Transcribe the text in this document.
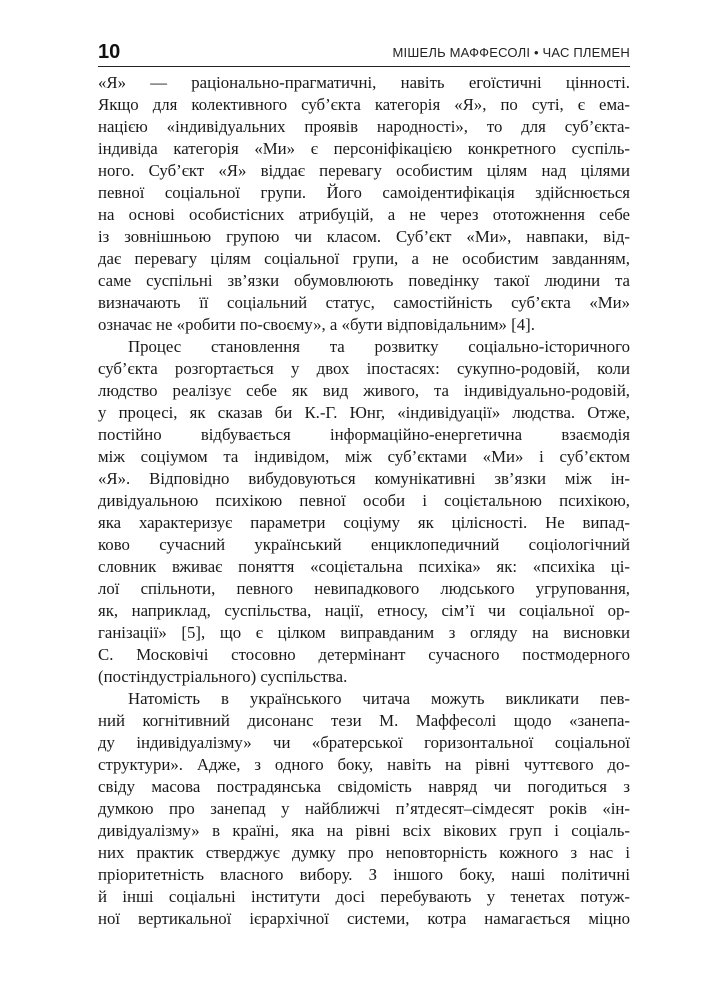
10	МІШЕЛЬ МАФФЕСОЛІ • ЧАС ПЛЕМЕН
«Я» — раціонально-прагматичні, навіть егоїстичні цінності.
Якщо для колективного суб’єкта категорія «Я», по суті, є ема-
нацією «індивідуальних проявів народності», то для суб’єкта-
індивіда категорія «Ми» є персоніфікацією конкретного суспіль-
ного. Суб’єкт «Я» віддає перевагу особистим цілям над цілями
певної соціальної групи. Його самоідентифікація здійснюється
на основі особистісних атрибуцій, а не через ототожнення себе
із зовнішньою групою чи класом. Суб’єкт «Ми», навпаки, від-
дає перевагу цілям соціальної групи, а не особистим завданням,
саме суспільні зв’язки обумовлюють поведінку такої людини та
визначають її соціальний статус, самостійність суб’єкта «Ми»
означає не «робити по-своєму», а «бути відповідальним» [4].
Процес становлення та розвитку соціально-історичного
суб’єкта розгортається у двох іпостасях: сукупно-родовій, коли
людство реалізує себе як вид живого, та індивідуально-родовій,
у процесі, як сказав би К.-Г. Юнг, «індивідуації» людства. Отже,
постійно відбувається інформаційно-енергетична взаємодія
між соціумом та індивідом, між суб’єктами «Ми» і суб’єктом
«Я». Відповідно вибудовуються комунікативні зв’язки між ін-
дивідуальною психікою певної особи і соцієтальною психікою,
яка характеризує параметри соціуму як цілісності. Не випад-
ково сучасний український енциклопедичний соціологічний
словник вживає поняття «соцієтальна психіка» як: «психіка ці-
лої спільноти, певного невипадкового людського угруповання,
як, наприклад, суспільства, нації, етносу, сім’ї чи соціальної ор-
ганізації» [5], що є цілком виправданим з огляду на висновки
С. Московічі стосовно детермінант сучасного постмодерного
(постіндустріального) суспільства.
Натомість в українського читача можуть викликати пев-
ний когнітивний дисонанс тези М. Маффесолі щодо «занепа-
ду індивідуалізму» чи «братерської горизонтальної соціальної
структури». Адже, з одного боку, навіть на рівні чуттєвого до-
свіду масова пострадянська свідомість навряд чи погодиться з
думкою про занепад у найближчі п’ятдесят–сімдесят років «ін-
дивідуалізму» в країні, яка на рівні всіх вікових груп і соціаль-
них практик стверджує думку про неповторність кожного з нас і
пріоритетність власного вибору. З іншого боку, наші політичні
й інші соціальні інститути досі перебувають у тенетах потуж-
ної вертикальної ієрархічної системи, котра намагається міцно
